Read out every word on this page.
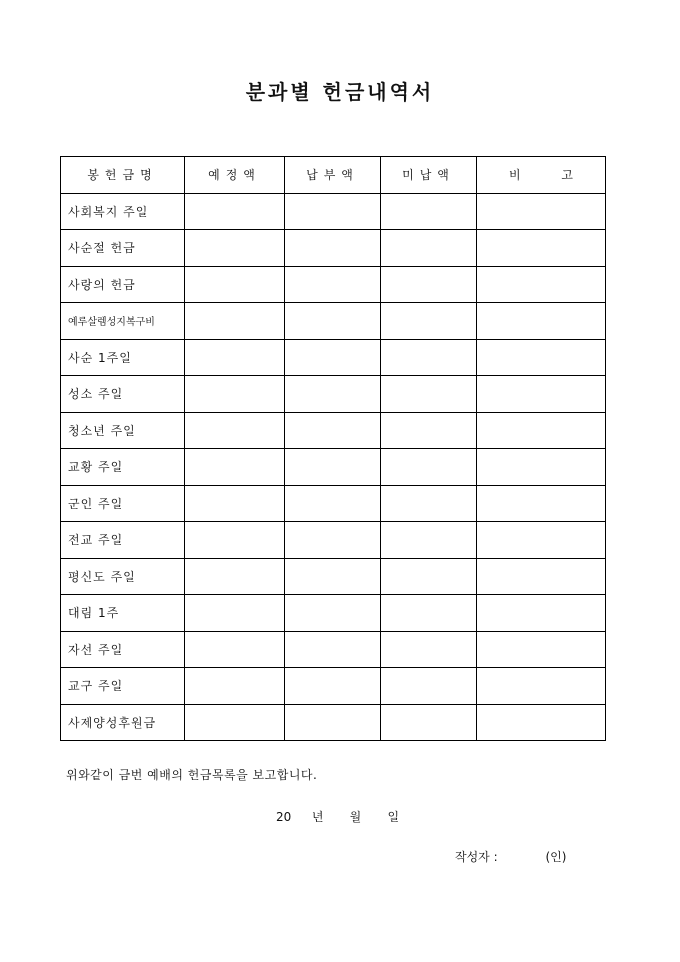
분과별 헌금내역서
봉헌금명	예정액	납부액	미납액	비 고

사회복지 주일				
사순절 헌금				
사랑의 헌금				
예루살렘성지복구비				
사순 1주일				
성소 주일				
청소년 주일				
교황 주일				
군인 주일				
전교 주일				
평신도 주일				
대림 1주				
자선 주일				
교구 주일				
사제양성후원금				
위와같이 금번 예배의 헌금목록을 보고합니다.
20 년 월 일
작성자 :	(인)
